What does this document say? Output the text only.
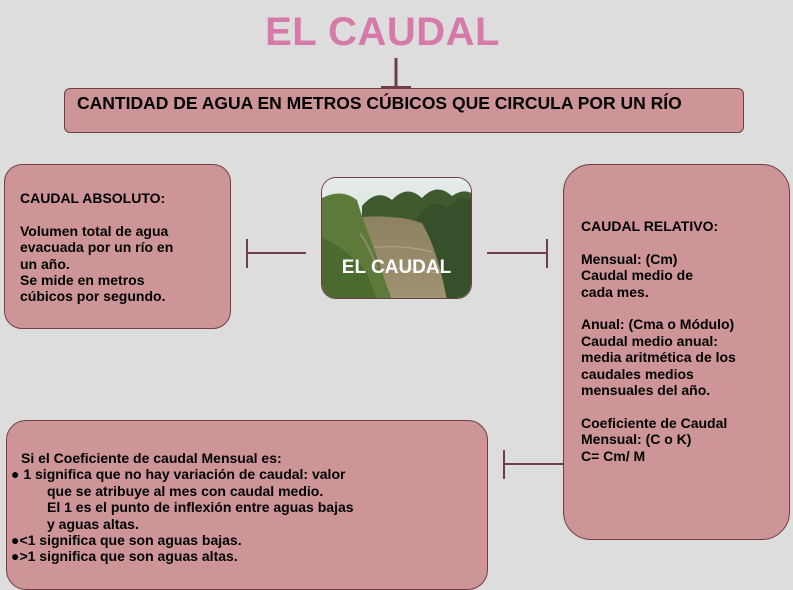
EL CAUDAL
CANTIDAD DE AGUA EN METROS CÚBICOS QUE CIRCULA POR UN RÍO
CAUDAL ABSOLUTO:
Volumen total de agua
evacuada por un río en
un año.
Se mide en metros
cúbicos por segundo.
EL CAUDAL
CAUDAL RELATIVO:
Mensual: (Cm)
Caudal medio de
cada mes.
Anual: (Cma o Módulo)
Caudal medio anual:
media aritmética de los
caudales medios
mensuales del año.
Coeficiente de Caudal
Mensual: (C o K)
C= Cm/ M
Si el Coeficiente de caudal Mensual es:
● 1 significa que no hay variación de caudal: valor
que se atribuye al mes con caudal medio.
El 1 es el punto de inflexión entre aguas bajas
y aguas altas.
●<1 significa que son aguas bajas.
●>1 significa que son aguas altas.
